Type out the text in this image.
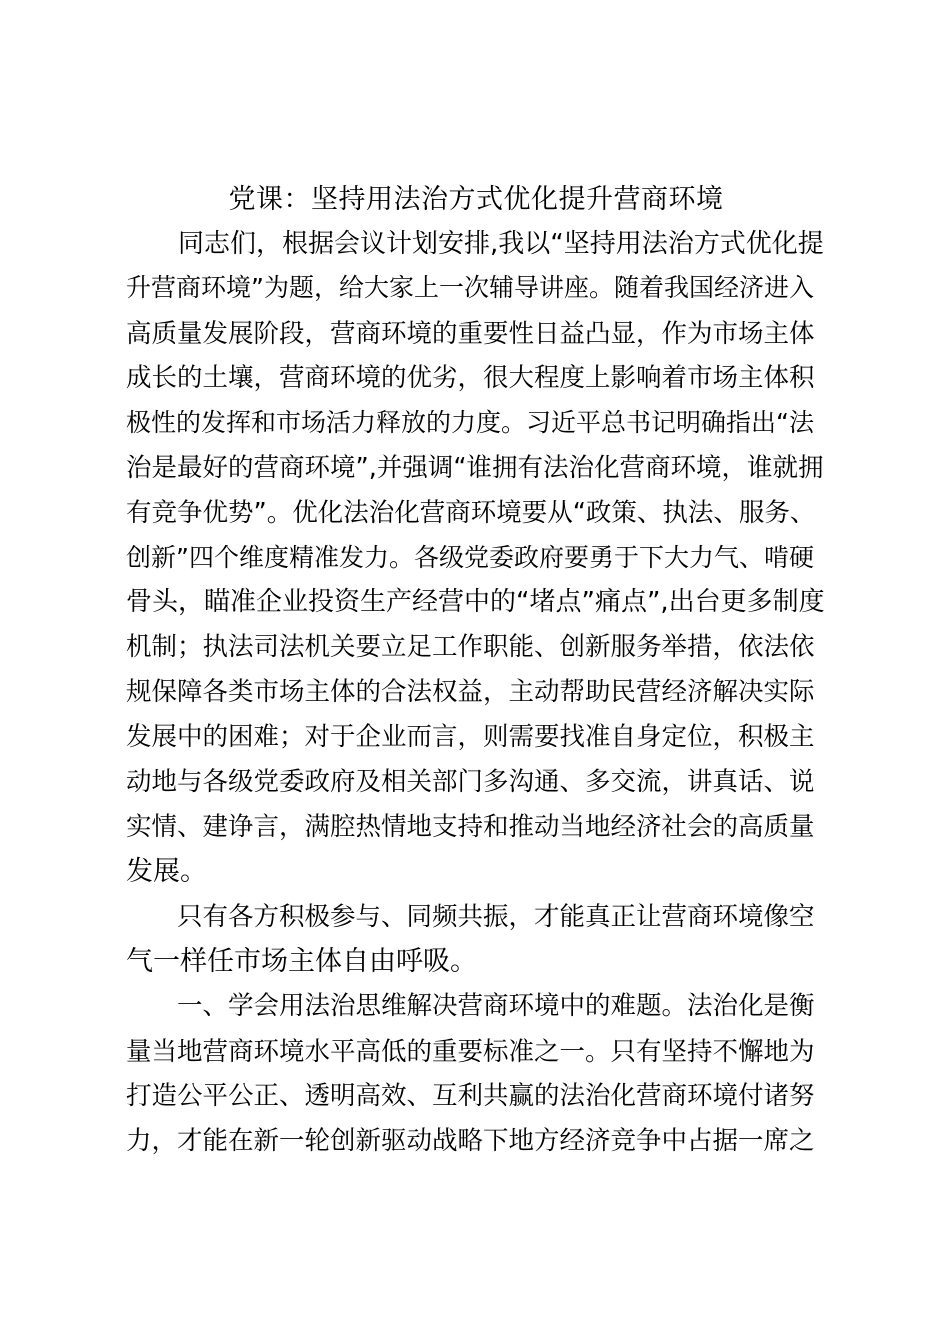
党课：坚持用法治方式优化提升营商环境

　　同志们，根据会议计划安排,我以“坚持用法治方式优化提

升营商环境”为题，给大家上一次辅导讲座。随着我国经济进入

高质量发展阶段，营商环境的重要性日益凸显，作为市场主体

成长的土壤，营商环境的优劣，很大程度上影响着市场主体积

极性的发挥和市场活力释放的力度。习近平总书记明确指出“法

治是最好的营商环境”,并强调“谁拥有法治化营商环境，谁就拥

有竞争优势”。优化法治化营商环境要从“政策、执法、服务、

创新”四个维度精准发力。各级党委政府要勇于下大力气、啃硬

骨头，瞄准企业投资生产经营中的“堵点”痛点”,出台更多制度

机制；执法司法机关要立足工作职能、创新服务举措，依法依

规保障各类市场主体的合法权益，主动帮助民营经济解决实际

发展中的困难；对于企业而言，则需要找准自身定位，积极主

动地与各级党委政府及相关部门多沟通、多交流，讲真话、说

实情、建诤言，满腔热情地支持和推动当地经济社会的高质量

发展。

　　只有各方积极参与、同频共振，才能真正让营商环境像空

气一样任市场主体自由呼吸。

　　一、学会用法治思维解决营商环境中的难题。法治化是衡

量当地营商环境水平高低的重要标准之一。只有坚持不懈地为

打造公平公正、透明高效、互利共赢的法治化营商环境付诸努

力，才能在新一轮创新驱动战略下地方经济竞争中占据一席之
